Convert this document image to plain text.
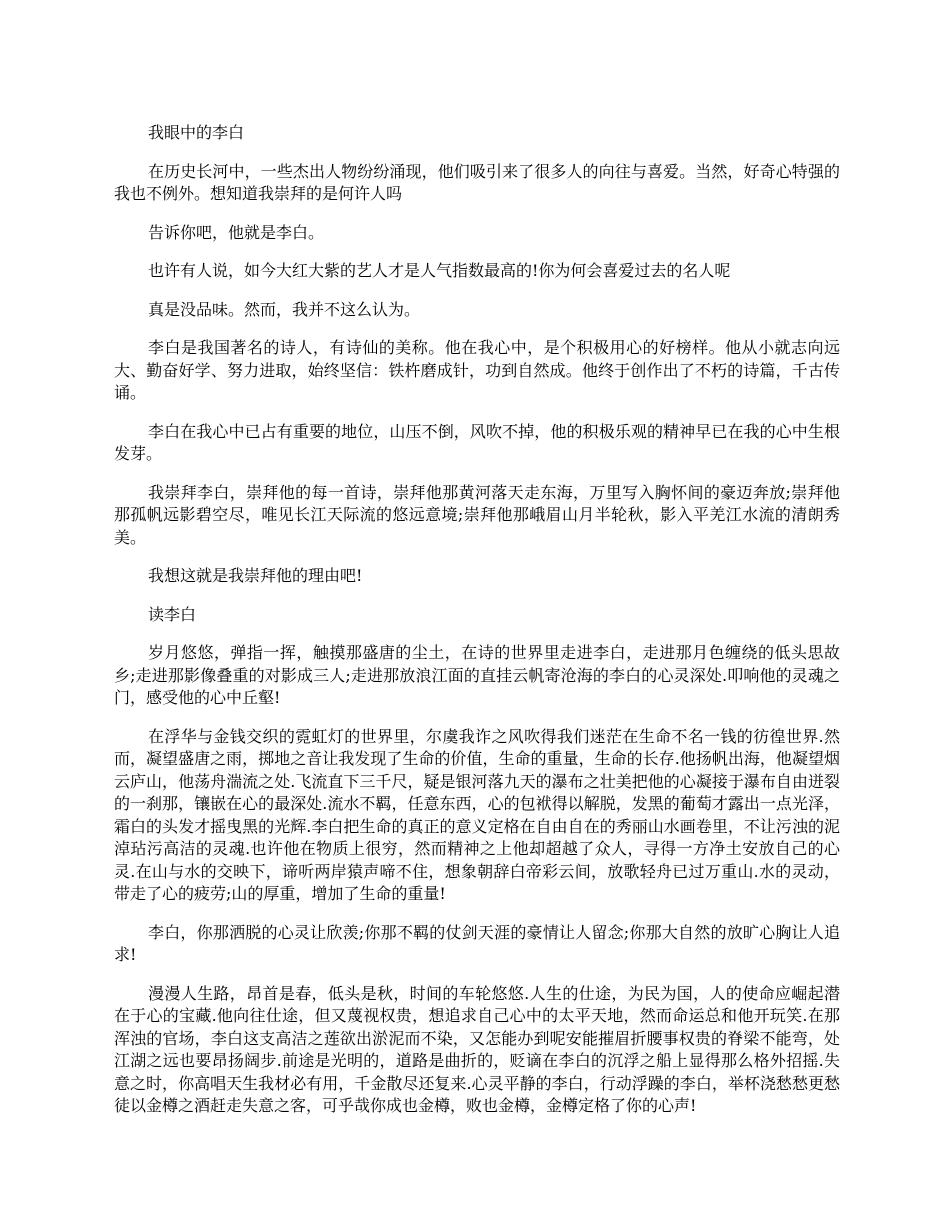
我眼中的李白

在历史长河中，一些杰出人物纷纷涌现，他们吸引来了很多人的向往与喜爱。当然，好奇心特强的我也不例外。想知道我崇拜的是何许人吗

告诉你吧，他就是李白。

也许有人说，如今大红大紫的艺人才是人气指数最高的!你为何会喜爱过去的名人呢

真是没品味。然而，我并不这么认为。

李白是我国著名的诗人，有诗仙的美称。他在我心中，是个积极用心的好榜样。他从小就志向远大、勤奋好学、努力进取，始终坚信：铁杵磨成针，功到自然成。他终于创作出了不朽的诗篇，千古传诵。

李白在我心中已占有重要的地位，山压不倒，风吹不掉，他的积极乐观的精神早已在我的心中生根发芽。

我崇拜李白，崇拜他的每一首诗，崇拜他那黄河落天走东海，万里写入胸怀间的豪迈奔放;崇拜他那孤帆远影碧空尽，唯见长江天际流的悠远意境;崇拜他那峨眉山月半轮秋，影入平羌江水流的清朗秀美。

我想这就是我崇拜他的理由吧!

读李白

岁月悠悠，弹指一挥，触摸那盛唐的尘土，在诗的世界里走进李白，走进那月色缠绕的低头思故乡;走进那影像叠重的对影成三人;走进那放浪江面的直挂云帆寄沧海的李白的心灵深处.叩响他的灵魂之门，感受他的心中丘壑!

在浮华与金钱交织的霓虹灯的世界里，尔虞我诈之风吹得我们迷茫在生命不名一钱的彷徨世界.然而，凝望盛唐之雨，掷地之音让我发现了生命的价值，生命的重量，生命的长存.他扬帆出海，他凝望烟云庐山，他荡舟湍流之处.飞流直下三千尺，疑是银河落九天的瀑布之壮美把他的心凝接于瀑布自由迸裂的一刹那，镶嵌在心的最深处.流水不羁，任意东西，心的包袱得以解脱，发黑的葡萄才露出一点光泽，霜白的头发才摇曳黑的光辉.李白把生命的真正的意义定格在自由自在的秀丽山水画卷里，不让污浊的泥淖玷污高洁的灵魂.也许他在物质上很穷，然而精神之上他却超越了众人，寻得一方净土安放自己的心灵.在山与水的交映下，谛听两岸猿声啼不住，想象朝辞白帝彩云间，放歌轻舟已过万重山.水的灵动，带走了心的疲劳;山的厚重，增加了生命的重量!

李白，你那洒脱的心灵让欣羡;你那不羁的仗剑天涯的豪情让人留念;你那大自然的放旷心胸让人追求!

漫漫人生路，昂首是春，低头是秋，时间的车轮悠悠.人生的仕途，为民为国，人的使命应崛起潜在于心的宝藏.他向往仕途，但又蔑视权贵，想追求自己心中的太平天地，然而命运总和他开玩笑.在那浑浊的官场，李白这支高洁之莲欲出淤泥而不染，又怎能办到呢安能摧眉折腰事权贵的脊梁不能弯，处江湖之远也要昂扬阔步.前途是光明的，道路是曲折的，贬谪在李白的沉浮之船上显得那么格外招摇.失意之时，你高唱天生我材必有用，千金散尽还复来.心灵平静的李白，行动浮躁的李白，举杯浇愁愁更愁徒以金樽之酒赶走失意之客，可乎哉你成也金樽，败也金樽，金樽定格了你的心声!
